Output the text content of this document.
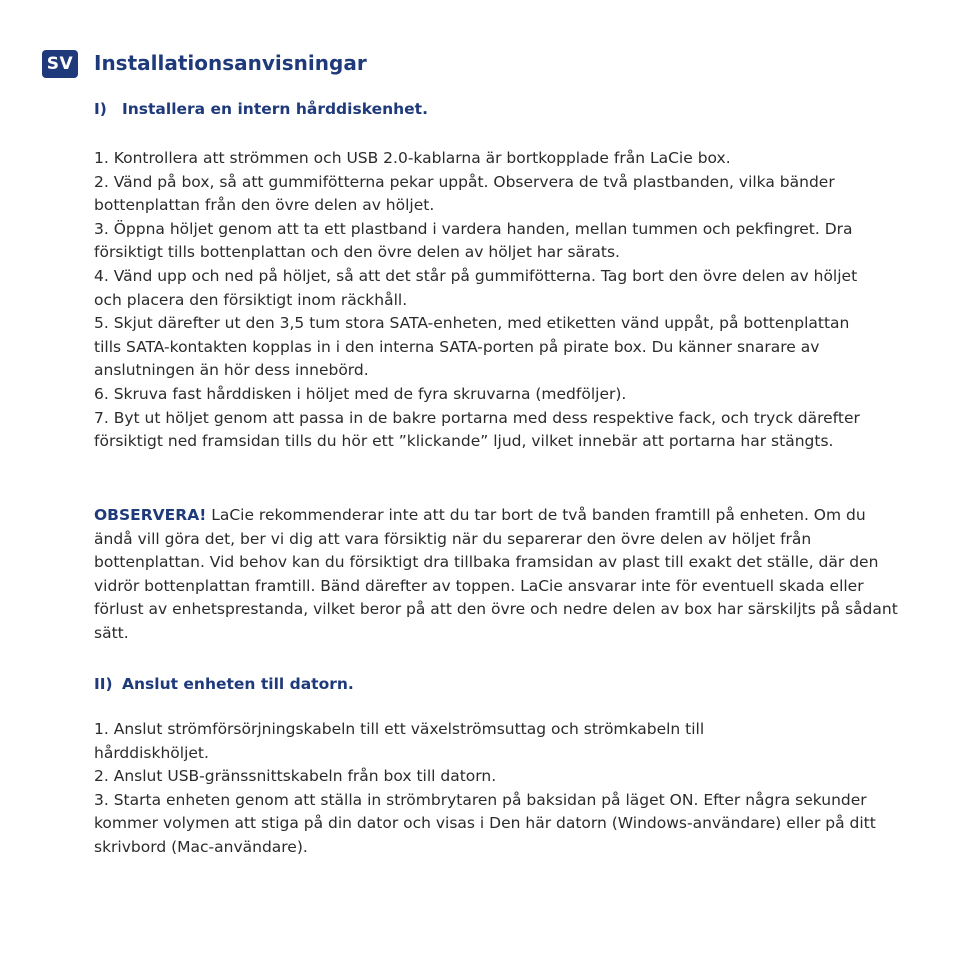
SV Installationsanvisningar
I) Installera en intern hårddiskenhet.

1. Kontrollera att strömmen och USB 2.0-kablarna är bortkopplade från LaCie box.

2. Vänd på box, så att gummifötterna pekar uppåt. Observera de två plastbanden, vilka bänder bottenplattan från den övre delen av höljet.

3. Öppna höljet genom att ta ett plastband i vardera handen, mellan tummen och pekfingret. Dra försiktigt tills bottenplattan och den övre delen av höljet har särats.

4. Vänd upp och ned på höljet, så att det står på gummifötterna. Tag bort den övre delen av höljet och placera den försiktigt inom räckhåll.

5. Skjut därefter ut den 3,5 tum stora SATA-enheten, med etiketten vänd uppåt, på bottenplattan tills SATA-kontakten kopplas in i den interna SATA-porten på pirate box. Du känner snarare av anslutningen än hör dess innebörd.

6. Skruva fast hårddisken i höljet med de fyra skruvarna (medföljer).

7. Byt ut höljet genom att passa in de bakre portarna med dess respektive fack, och tryck därefter försiktigt ned framsidan tills du hör ett ”klickande” ljud, vilket innebär att portarna har stängts.

OBSERVERA! LaCie rekommenderar inte att du tar bort de två banden framtill på enheten. Om du ändå vill göra det, ber vi dig att vara försiktig när du separerar den övre delen av höljet från bottenplattan. Vid behov kan du försiktigt dra tillbaka framsidan av plast till exakt det ställe, där den vidrör bottenplattan framtill. Bänd därefter av toppen. LaCie ansvarar inte för eventuell skada eller förlust av enhetsprestanda, vilket beror på att den övre och nedre delen av box har särskiljts på sådant sätt.

II) Anslut enheten till datorn.

1. Anslut strömförsörjningskabeln till ett växelströmsuttag och strömkabeln till hårddiskhöljet.

2. Anslut USB-gränssnittskabeln från box till datorn.

3. Starta enheten genom att ställa in strömbrytaren på baksidan på läget ON. Efter några sekunder kommer volymen att stiga på din dator och visas i Den här datorn (Windows-användare) eller på ditt skrivbord (Mac-användare).
